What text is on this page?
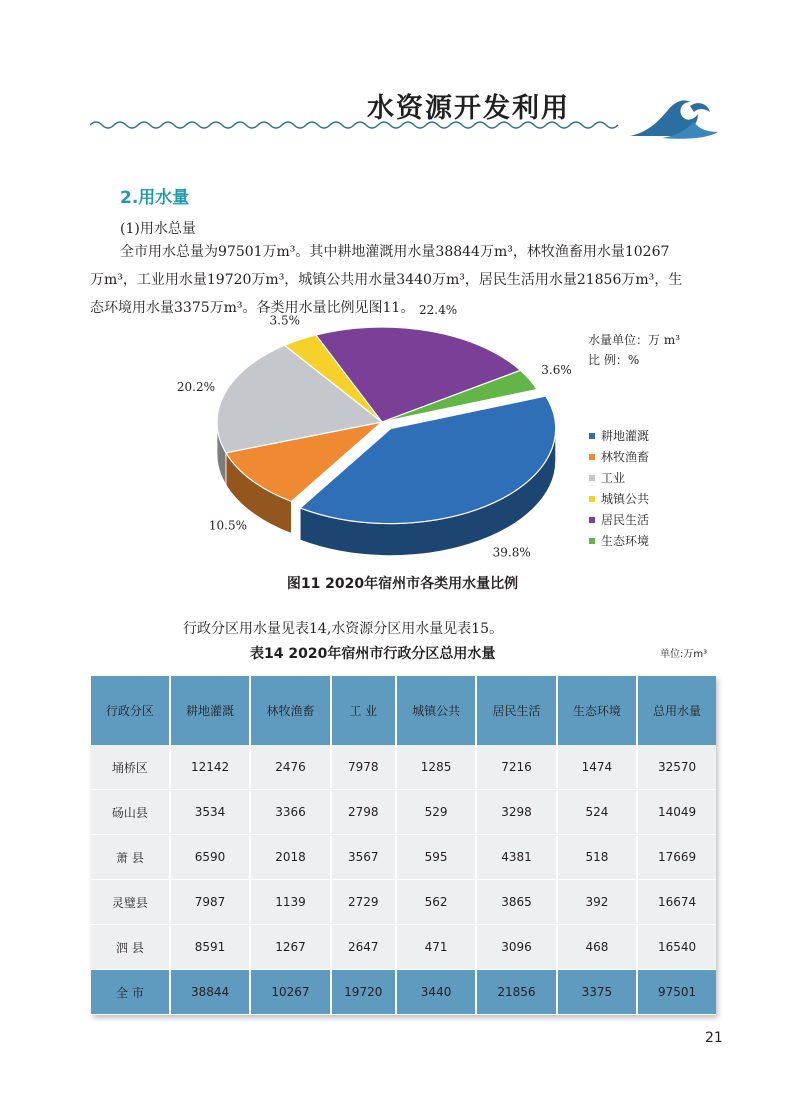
水资源开发利用
2.用水量
(1)用水总量

全市用水总量为97501万m³。其中耕地灌溉用水量38844万m³，林牧渔畜用水量10267

万m³，工业用水量19720万m³，城镇公共用水量3440万m³，居民生活用水量21856万m³，生

态环境用水量3375万m³。各类用水量比例见图11。

39.8%
10.5%
20.2%
3.5%
22.4%
3.6%
水量单位：万 m³
比 例：%
耕地灌溉
林牧渔畜
工业
城镇公共
居民生活
生态环境
图11 2020年宿州市各类用水量比例
行政分区用水量见表14,水资源分区用水量见表15。
表14 2020年宿州市行政分区总用水量	单位:万m³
行政分区	耕地灌溉	林牧渔畜	工 业	城镇公共	居民生活	生态环境	总用水量
埇桥区	12142	2476	7978	1285	7216	1474	32570
砀山县	3534	3366	2798	529	3298	524	14049
萧 县	6590	2018	3567	595	4381	518	17669
灵璧县	7987	1139	2729	562	3865	392	16674
泗 县	8591	1267	2647	471	3096	468	16540
全 市	38844	10267	19720	3440	21856	3375	97501
21
